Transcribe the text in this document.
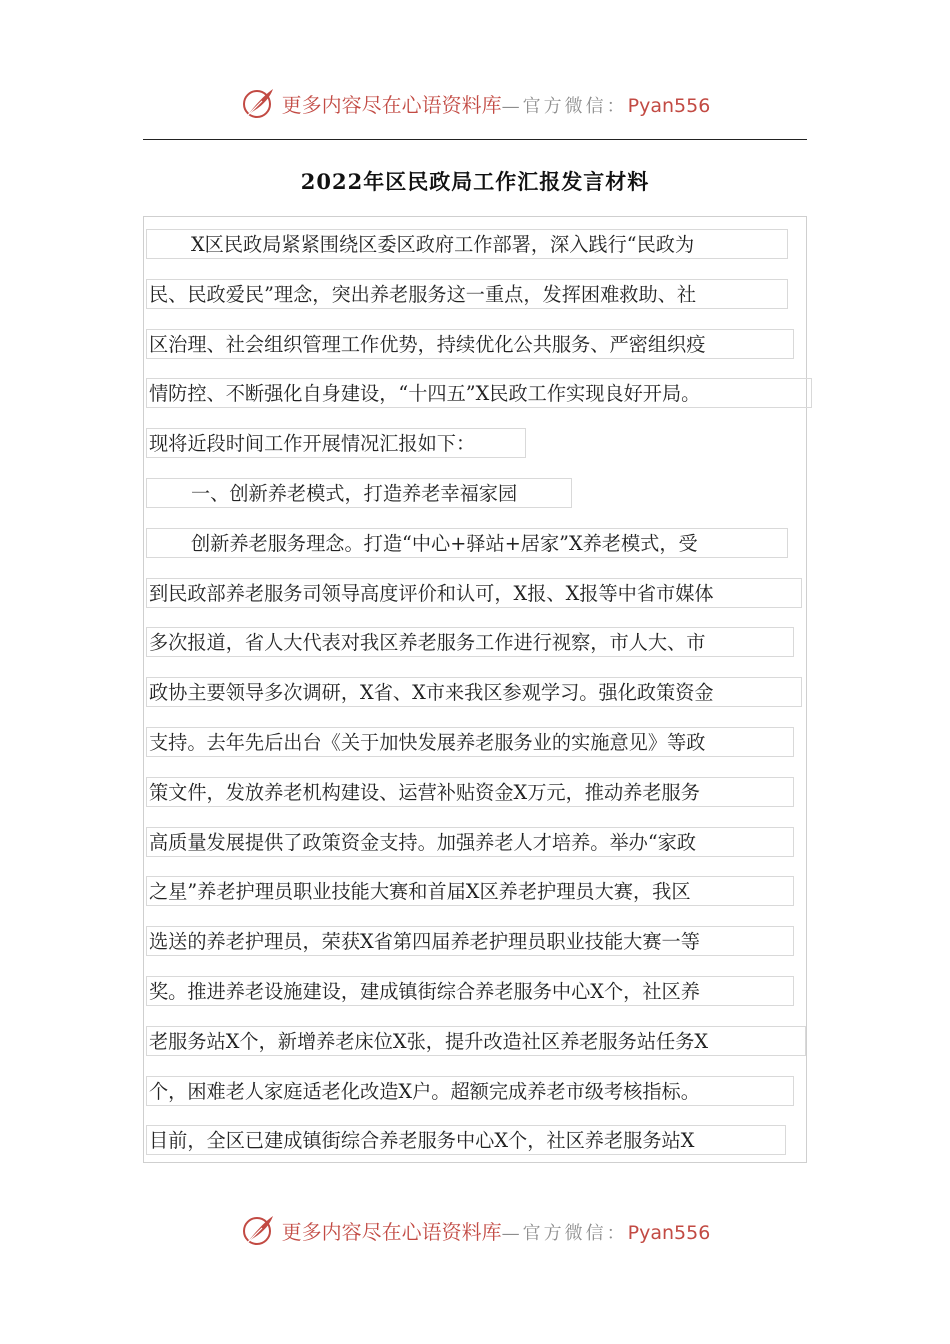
更多内容尽在心语资料库—官方微信：Pyan556
2022年区民政局工作汇报发言材料
X区民政局紧紧围绕区委区政府工作部署，深入践行“民政为
民、民政爱民”理念，突出养老服务这一重点，发挥困难救助、社
区治理、社会组织管理工作优势，持续优化公共服务、严密组织疫
情防控、不断强化自身建设，“十四五”X民政工作实现良好开局。
现将近段时间工作开展情况汇报如下：
一、创新养老模式，打造养老幸福家园
创新养老服务理念。打造“中心+驿站+居家”X养老模式，受
到民政部养老服务司领导高度评价和认可，X报、X报等中省市媒体
多次报道，省人大代表对我区养老服务工作进行视察，市人大、市
政协主要领导多次调研，X省、X市来我区参观学习。强化政策资金
支持。去年先后出台《关于加快发展养老服务业的实施意见》等政
策文件，发放养老机构建设、运营补贴资金X万元，推动养老服务
高质量发展提供了政策资金支持。加强养老人才培养。举办“家政
之星”养老护理员职业技能大赛和首届X区养老护理员大赛，我区
选送的养老护理员，荣获X省第四届养老护理员职业技能大赛一等
奖。推进养老设施建设，建成镇街综合养老服务中心X个，社区养
老服务站X个，新增养老床位X张，提升改造社区养老服务站任务X
个，困难老人家庭适老化改造X户。超额完成养老市级考核指标。
目前，全区已建成镇街综合养老服务中心X个，社区养老服务站X
更多内容尽在心语资料库—官方微信：Pyan556
